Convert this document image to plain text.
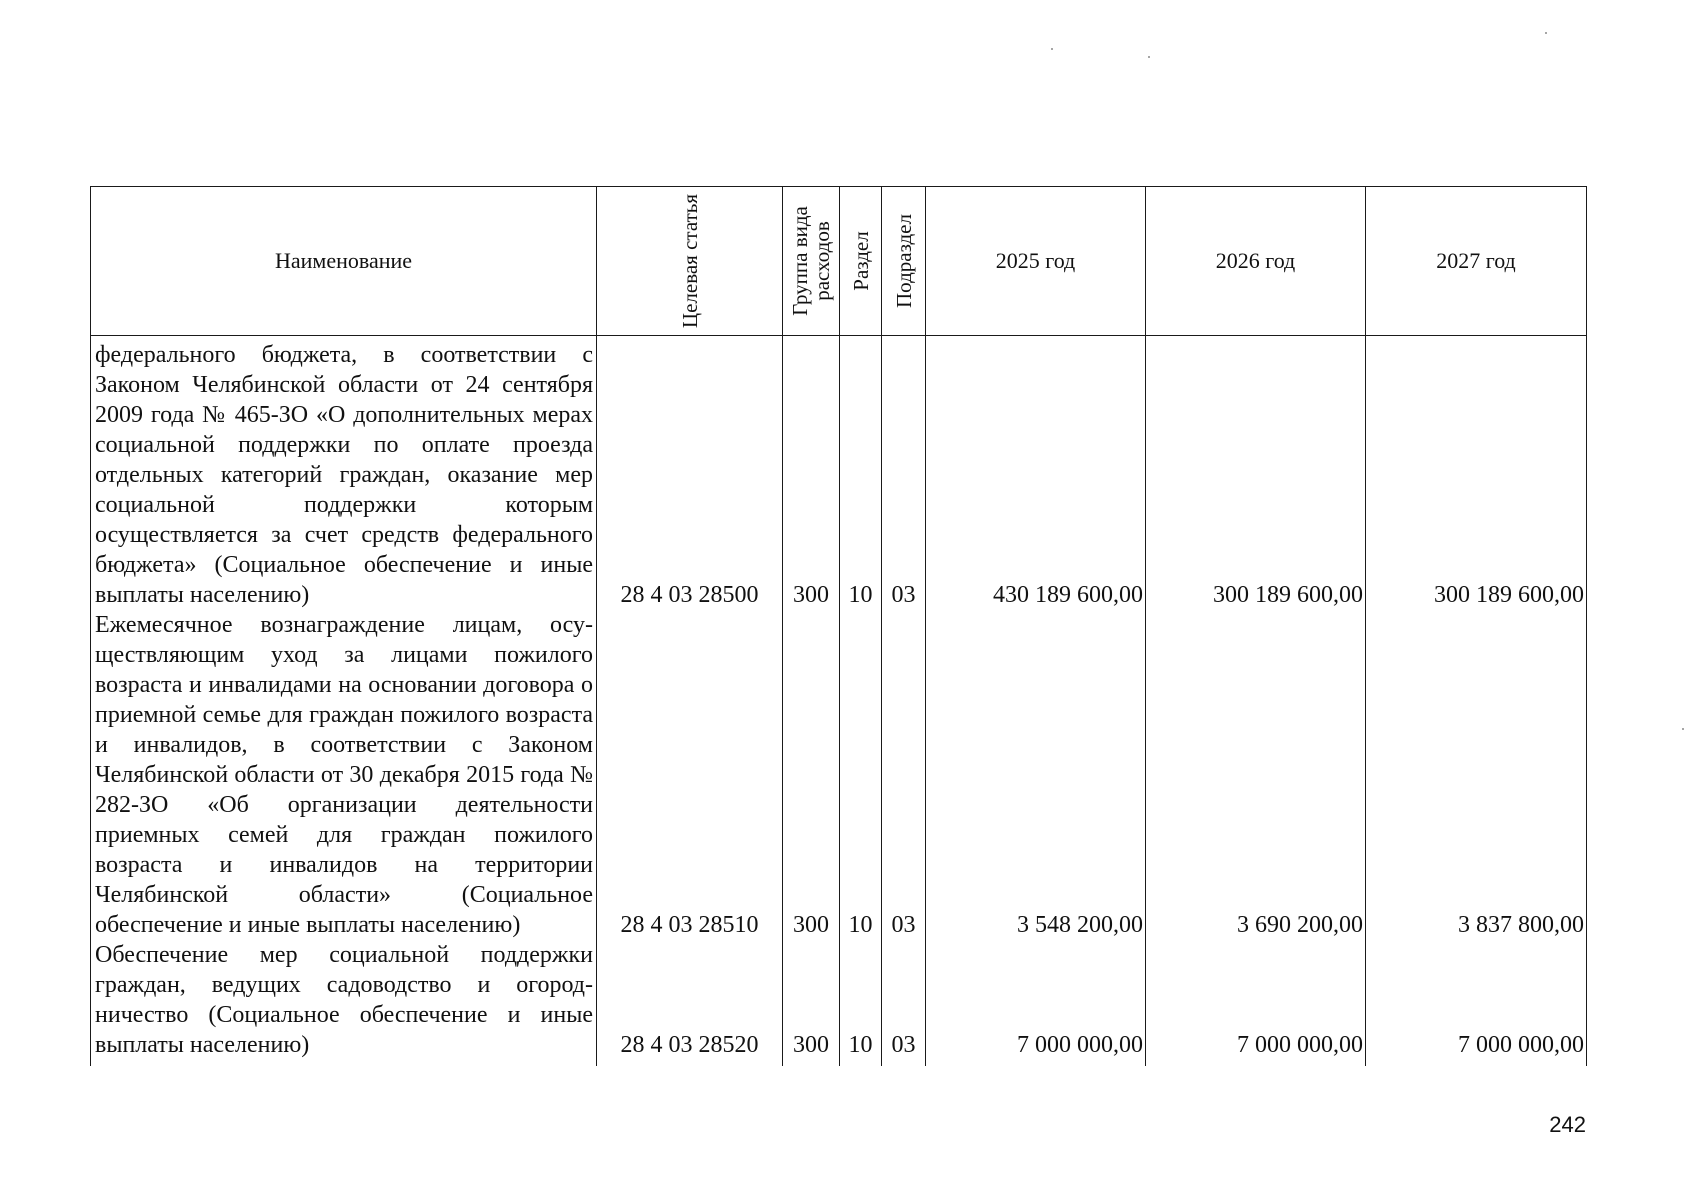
Наименование	Целевая статья	Группа вида расходов	Раздел	Подраздел	2025 год	2026 год	2027 год
федерального бюджета, в соответствии с Законом Челябинской области от 24 сентября 2009 года № 465-ЗО «О дополнительных мерах социальной поддержки по оплате проезда отдельных категорий граждан, оказание мер социальной поддержки которым осуществляется за счет средств федерального бюджета» (Социальное обеспечение и иные выплаты населению)	28 4 03 28500	300	10	03	430 189 600,00	300 189 600,00	300 189 600,00
Ежемесячное вознаграждение лицам, осуществляющим уход за лицами пожилого возраста и инвалидами на основании договора о приемной семье для граждан пожилого возраста и инвалидов, в соответствии с Законом Челябинской области от 30 декабря 2015 года № 282-ЗО «Об организации деятельности приемных семей для граждан пожилого возраста и инвалидов на территории Челябинской области» (Социальное обеспечение и иные выплаты населению)	28 4 03 28510	300	10	03	3 548 200,00	3 690 200,00	3 837 800,00
Обеспечение мер социальной поддержки граждан, ведущих садоводство и огородничество (Социальное обеспечение и иные выплаты населению)	28 4 03 28520	300	10	03	7 000 000,00	7 000 000,00	7 000 000,00
242
